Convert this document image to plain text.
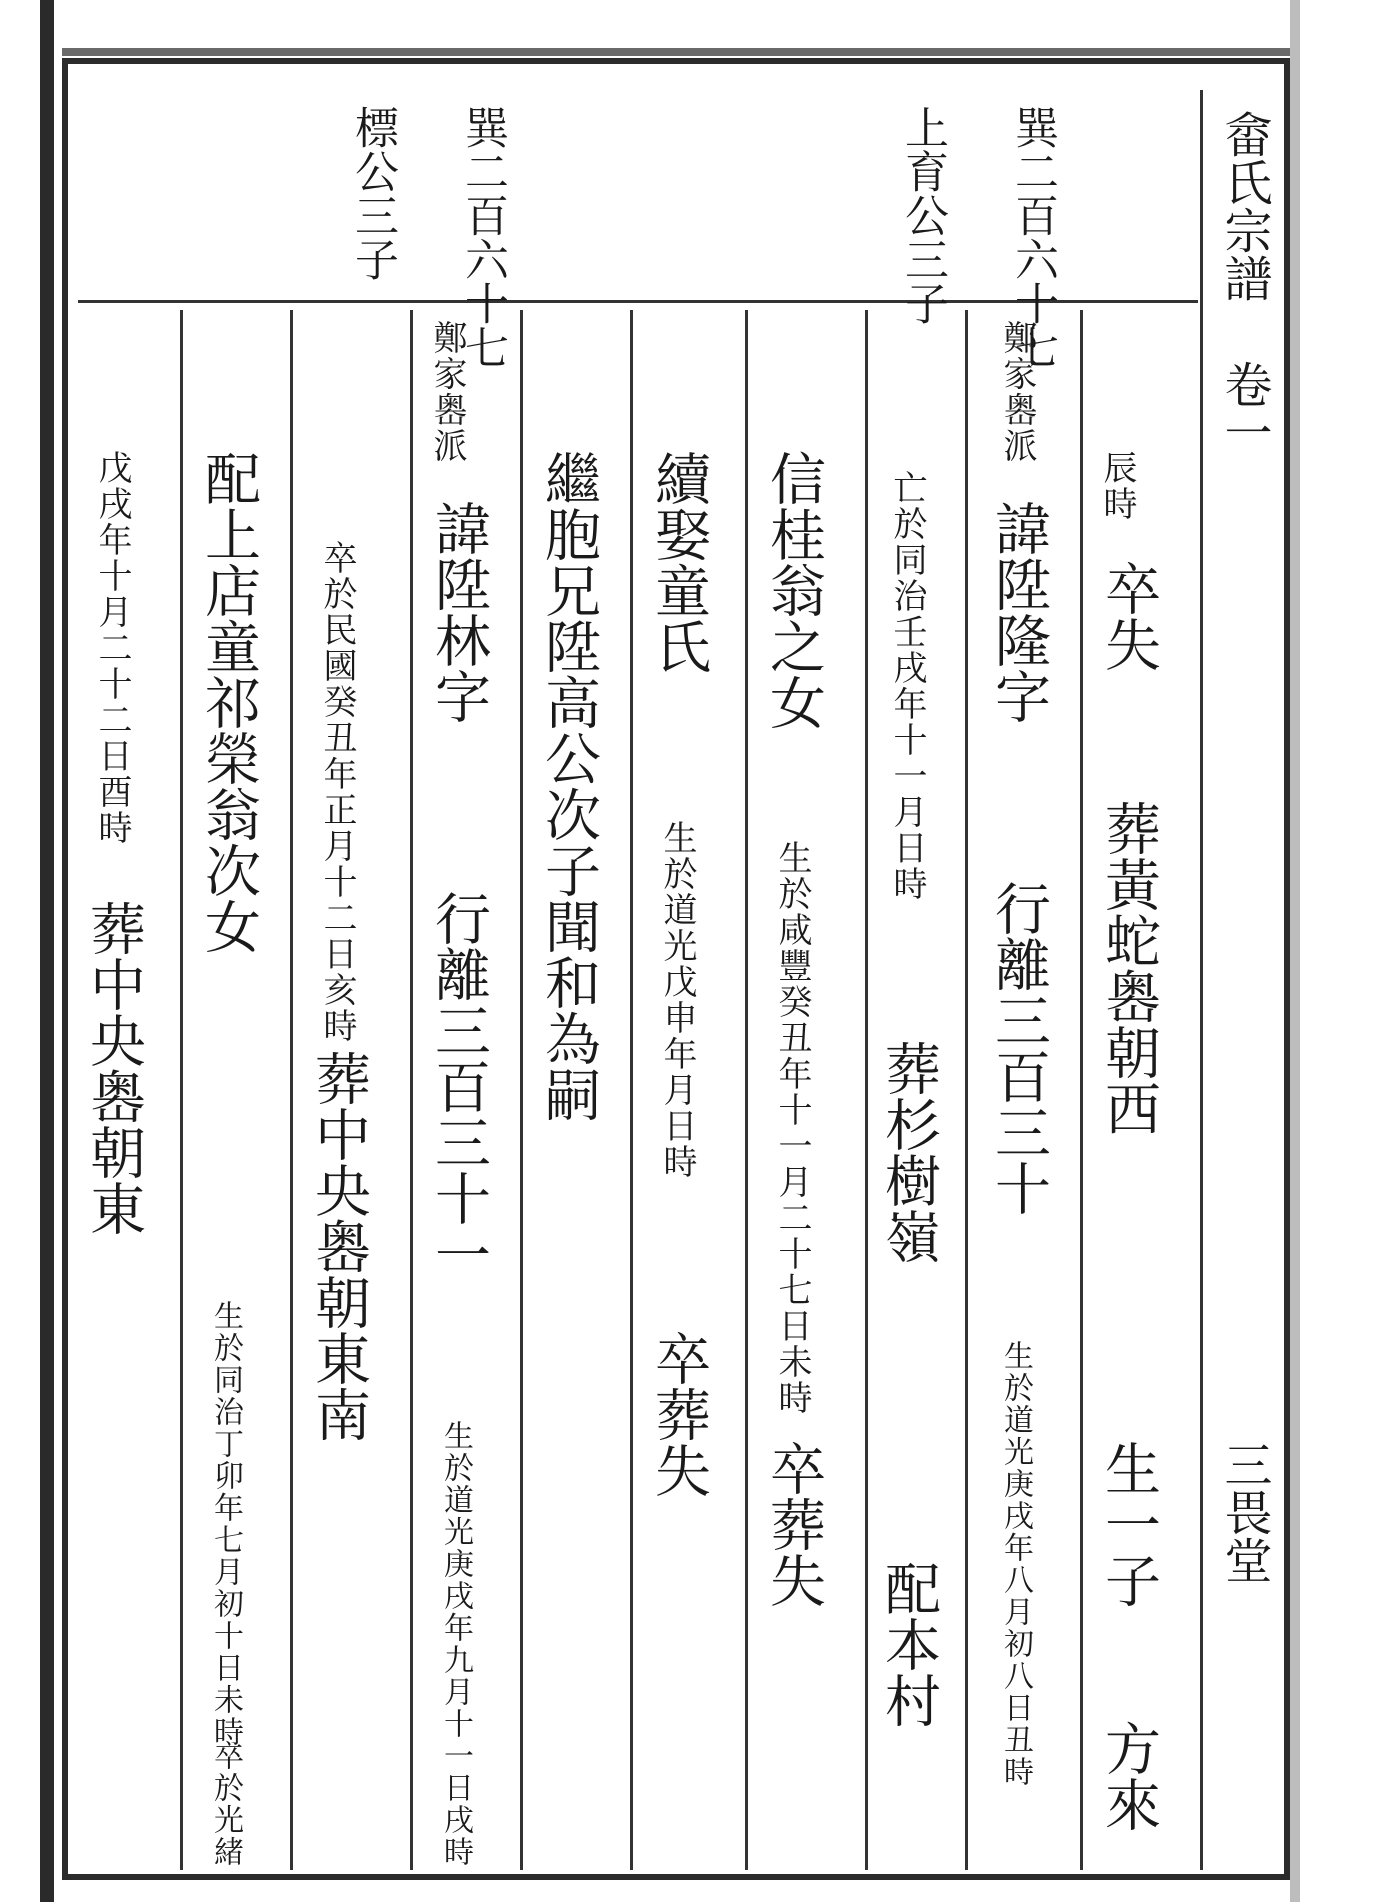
畲氏宗譜
卷一
三畏堂
巽二百六十七
上育公三子
巽二百六十七
標公三子
辰時
卒失
葬黃蛇嶴朝西
生一子
方來
鄭家嶴派
諱陞隆字
行離三百三十
生於道光庚戌年八月初八日丑時
亡於同治壬戌年十一月日時
葬杉樹嶺
配本村
信桂翁之女
生於咸豐癸丑年十一月二十七日未時
卒葬失
續娶童氏
生於道光戊申年月日時
卒葬失
繼胞兄陞高公次子聞和為嗣
鄭家嶴派
諱陞林字
行離三百三十一
生於道光庚戌年九月十一日戌時
卒於民國癸丑年正月十二日亥時
葬中央嶴朝東南
配上店童祁榮翁次女
生於同治丁卯年七月初十日未時
卒於光緒
戊戌年十月二十二日酉時
葬中央嶴朝東
